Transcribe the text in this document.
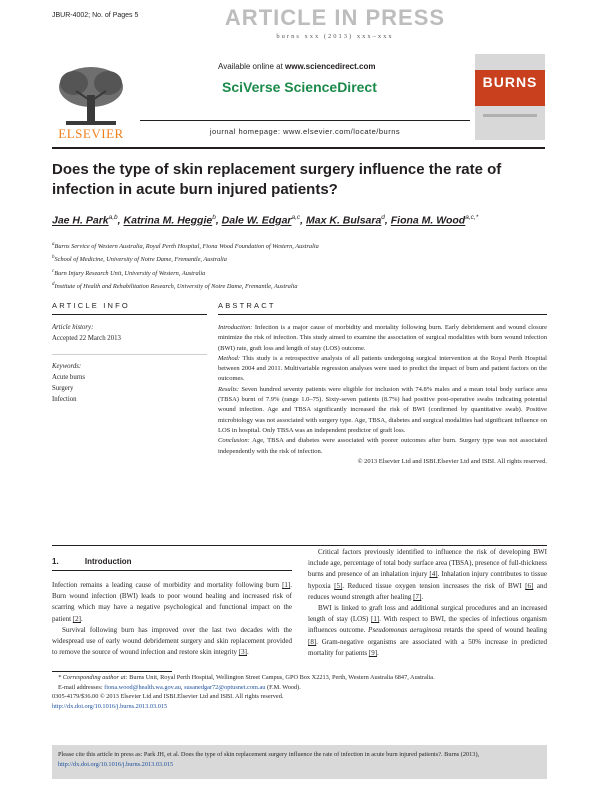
JBUR-4002; No. of Pages 5	ARTICLE IN PRESS
burns xxx (2013) xxx–xxx
ELSEVIER
Available online at www.sciencedirect.com
SciVerse ScienceDirect
journal homepage: www.elsevier.com/locate/burns
BURNS
Does the type of skin replacement surgery influence the rate of infection in acute burn injured patients?
Jae H. Park$^{a,b}$, Katrina M. Heggie$^b$, Dale W. Edgar$^{a,c}$, Max K. Bulsara$^d$, Fiona M. Wood$^{a,c,*}$
$^a$Burns Service of Western Australia, Royal Perth Hospital, Fiona Wood Foundation of Western, Australia
$^b$School of Medicine, University of Notre Dame, Fremantle, Australia
$^c$Burn Injury Research Unit, University of Western, Australia
$^d$Institute of Health and Rehabilitation Research, University of Notre Dame, Fremantle, Australia
ARTICLE INFO
Article history:
Accepted 22 March 2013
Keywords:
Acute burns
Surgery
Infection
ABSTRACT

Introduction: Infection is a major cause of morbidity and mortality following burn. Early debridement and wound closure minimize the risk of infection. This study aimed to examine the association of surgical modalities with burn wound infection (BWI) rate, graft loss and length of stay (LOS) outcome.

Method: This study is a retrospective analysis of all patients undergoing surgical intervention at the Royal Perth Hospital between 2004 and 2011. Multivariable regression analyses were used to predict the impact of burn and patient factors on the outcomes.

Results: Seven hundred seventy patients were eligible for inclusion with 74.8% males and a mean total body surface area (TBSA) burnt of 7.9% (range 1.0–75). Sixty-seven patients (8.7%) had positive post-operative swabs indicating potential wound infection. Age and TBSA significantly increased the risk of BWI (confirmed by quantitative swab). Positive microbiology was not associated with surgery type. Age, TBSA, diabetes and surgical modalities had significant influence on LOS in hospital. Only TBSA was an independent predictor of graft loss.

Conclusion: Age, TBSA and diabetes were associated with poorer outcomes after burn. Surgery type was not associated independently with the risk of infection.

© 2013 Elsevier Ltd and ISBI.Elsevier Ltd and ISBI. All rights reserved.

1.	Introduction

Infection remains a leading cause of morbidity and mortality following burn [1]. Burn wound infection (BWI) leads to poor wound healing and increased risk of scarring which may have a negative psychological and functional impact on the patient [2].

Survival following burn has improved over the last two decades with the widespread use of early wound debridement surgery and skin replacement provided to remove the source of wound infection and restore skin integrity [3].

Critical factors previously identified to influence the risk of developing BWI include age, percentage of total body surface area (TBSA), presence of full-thickness burns and presence of an inhalation injury [4]. Inhalation injury contributes to tissue hypoxia [5]. Reduced tissue oxygen tension increases the risk of BWI [6] and reduces wound strength after healing [7].

BWI is linked to graft loss and additional surgical procedures and an increased length of stay (LOS) [1]. With respect to BWI, the species of infectious organism influences outcome. Pseudomonas aeruginosa retards the speed of wound healing [8]. Gram-negative organisms are associated with a 50% increase in predicted mortality for patients [9].

* Corresponding author at: Burns Unit, Royal Perth Hospital, Wellington Street Campus, GPO Box X2213, Perth, Western Australia 6847, Australia.

E-mail addresses: fiona.wood@health.wa.gov.au, susanedgar72@optusnet.com.au (F.M. Wood).

0305-4179/$36.00 © 2013 Elsevier Ltd and ISBI.Elsevier Ltd and ISBI. All rights reserved.

http://dx.doi.org/10.1016/j.burns.2013.03.015

Please cite this article in press as: Park JH, et al. Does the type of skin replacement surgery influence the rate of infection in acute burn injured patients?. Burns (2013), http://dx.doi.org/10.1016/j.burns.2013.03.015
